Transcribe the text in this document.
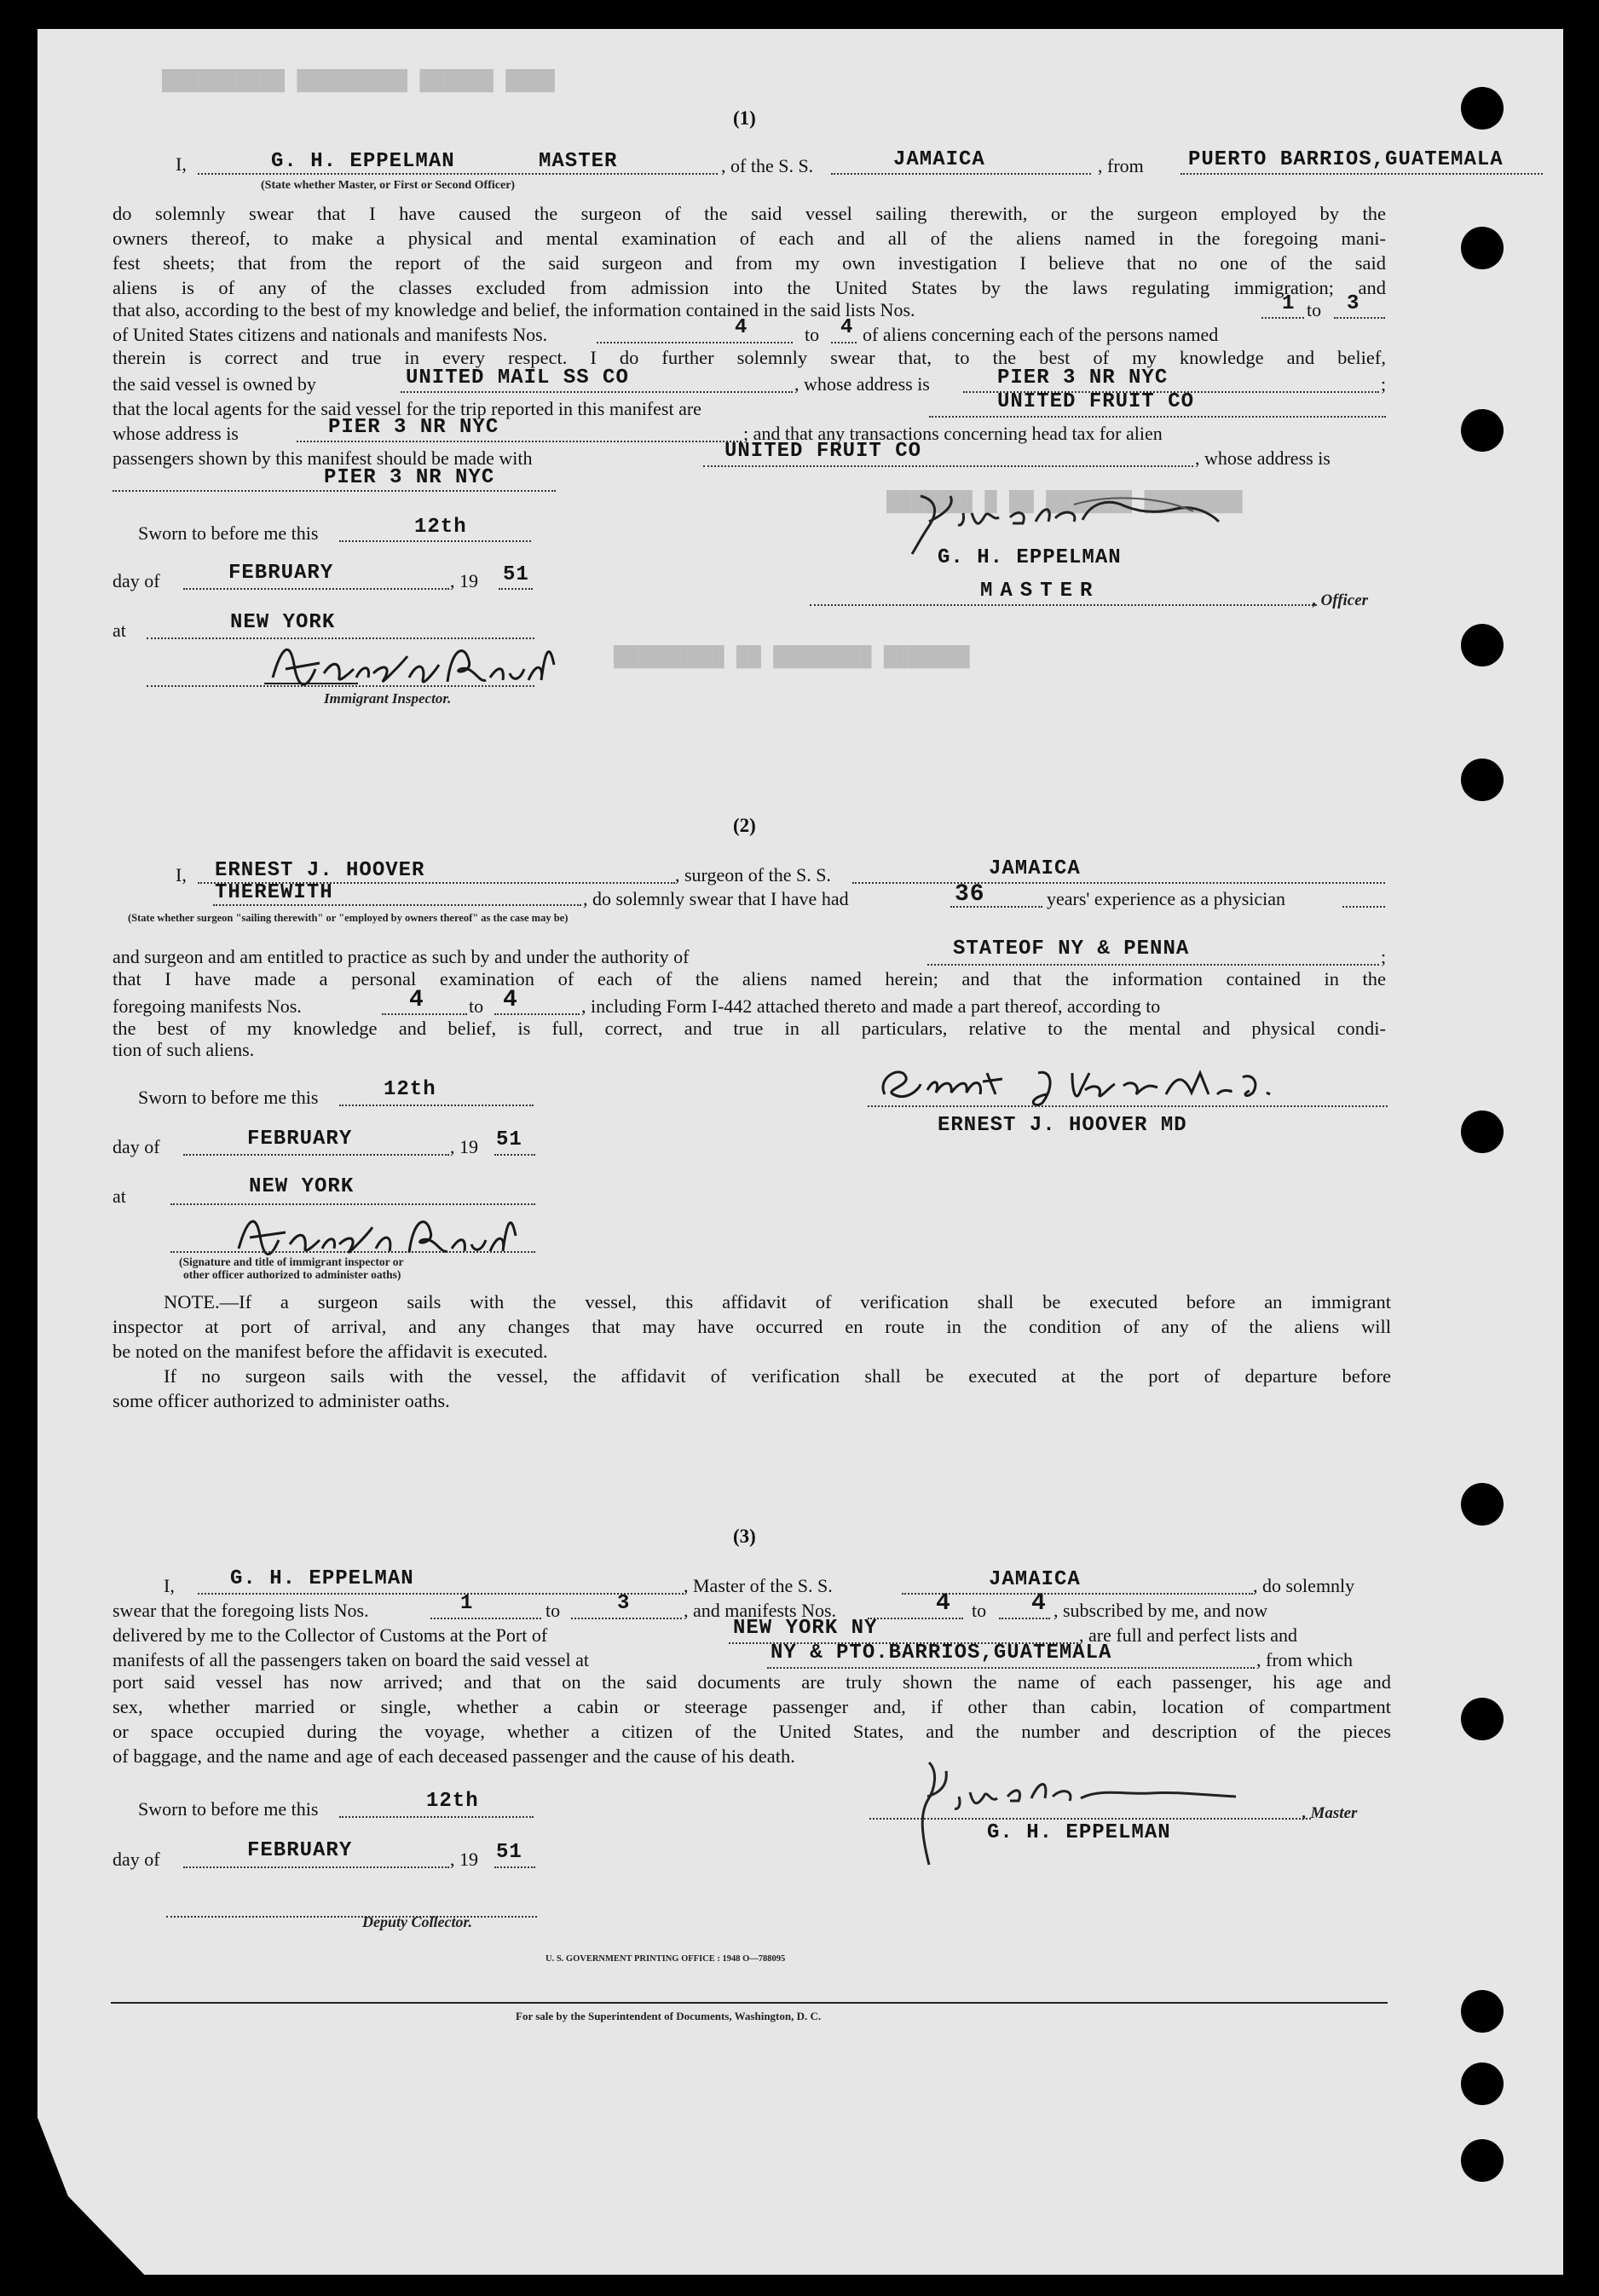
████ ██████ █████████ ██████████
████████ ███████ ██ █ ███████
███████ ████████ ██ █████████
(1)
I,	G. H. EPPELMAN	MASTER	, of the S. S.	JAMAICA	, from PUERTO BARRIOS,GUATEMALA
(State whether Master, or First or Second Officer)
do solemnly swear that I have caused the surgeon of the said vessel sailing therewith, or the surgeon employed by the
owners thereof, to make a physical and mental examination of each and all of the aliens named in the foregoing mani-
fest sheets; that from the report of the said surgeon and from my own investigation I believe that no one of the said
aliens is of any of the classes excluded from admission into the United States by the laws regulating immigration; and
that also, according to the best of my knowledge and belief, the information contained in the said lists Nos.	1 to 3
of United States citizens and nationals and manifests Nos.	4	to 4 of aliens concerning each of the persons named
therein is correct and true in every respect. I do further solemnly swear that, to the best of my knowledge and belief,
the said vessel is owned by	UNITED MAIL SS CO	, whose address is	PIER 3 NR NYC	;
that the local agents for the said vessel for the trip reported in this manifest are	UNITED FRUIT CO
whose address is	PIER 3 NR NYC	; and that any transactions concerning head tax for alien
passengers shown by this manifest should be made with	UNITED FRUIT CO	, whose address is
PIER 3 NR NYC
Sworn to before me this	12th
day of	FEBRUARY	, 19 51
at	NEW YORK
Immigrant Inspector.
G. H. EPPELMAN
MASTER	, Officer
(2)
I, ERNEST J. HOOVER	, surgeon of the S. S.	JAMAICA
THEREWITH	, do solemnly swear that I have had	36	years' experience as a physician
(State whether surgeon "sailing therewith" or "employed by owners thereof" as the case may be)
and surgeon and am entitled to practice as such by and under the authority of	STATEOF NY & PENNA	;
that I have made a personal examination of each of the aliens named herein; and that the information contained in the
foregoing manifests Nos.	4 to 4	, including Form I-442 attached thereto and made a part thereof, according to
the best of my knowledge and belief, is full, correct, and true in all particulars, relative to the mental and physical condi-
tion of such aliens.
Sworn to before me this	12th
day of	FEBRUARY	, 19 51
at	NEW YORK
(Signature and title of immigrant inspector or
other officer authorized to administer oaths)
ERNEST J. HOOVER MD
NOTE.—If a surgeon sails with the vessel, this affidavit of verification shall be executed before an immigrant
inspector at port of arrival, and any changes that may have occurred en route in the condition of any of the aliens will
be noted on the manifest before the affidavit is executed.
If no surgeon sails with the vessel, the affidavit of verification shall be executed at the port of departure before
some officer authorized to administer oaths.
(3)
I,	G. H. EPPELMAN	, Master of the S. S.	JAMAICA	, do solemnly
swear that the foregoing lists Nos.	1	to	3	, and manifests Nos.	4 to 4 , subscribed by me, and now
delivered by me to the Collector of Customs at the Port of	NEW YORK NY	, are full and perfect lists and
manifests of all the passengers taken on board the said vessel at	NY & PTO.BARRIOS,GUATEMALA	, from which
port said vessel has now arrived; and that on the said documents are truly shown the name of each passenger, his age and
sex, whether married or single, whether a cabin or steerage passenger and, if other than cabin, location of compartment
or space occupied during the voyage, whether a citizen of the United States, and the number and description of the pieces
of baggage, and the name and age of each deceased passenger and the cause of his death.
Sworn to before me this	12th
day of	FEBRUARY	, 19 51
, Master
G. H. EPPELMAN
Deputy Collector.
U. S. GOVERNMENT PRINTING OFFICE : 1948 O—788095
For sale by the Superintendent of Documents, Washington, D. C.
